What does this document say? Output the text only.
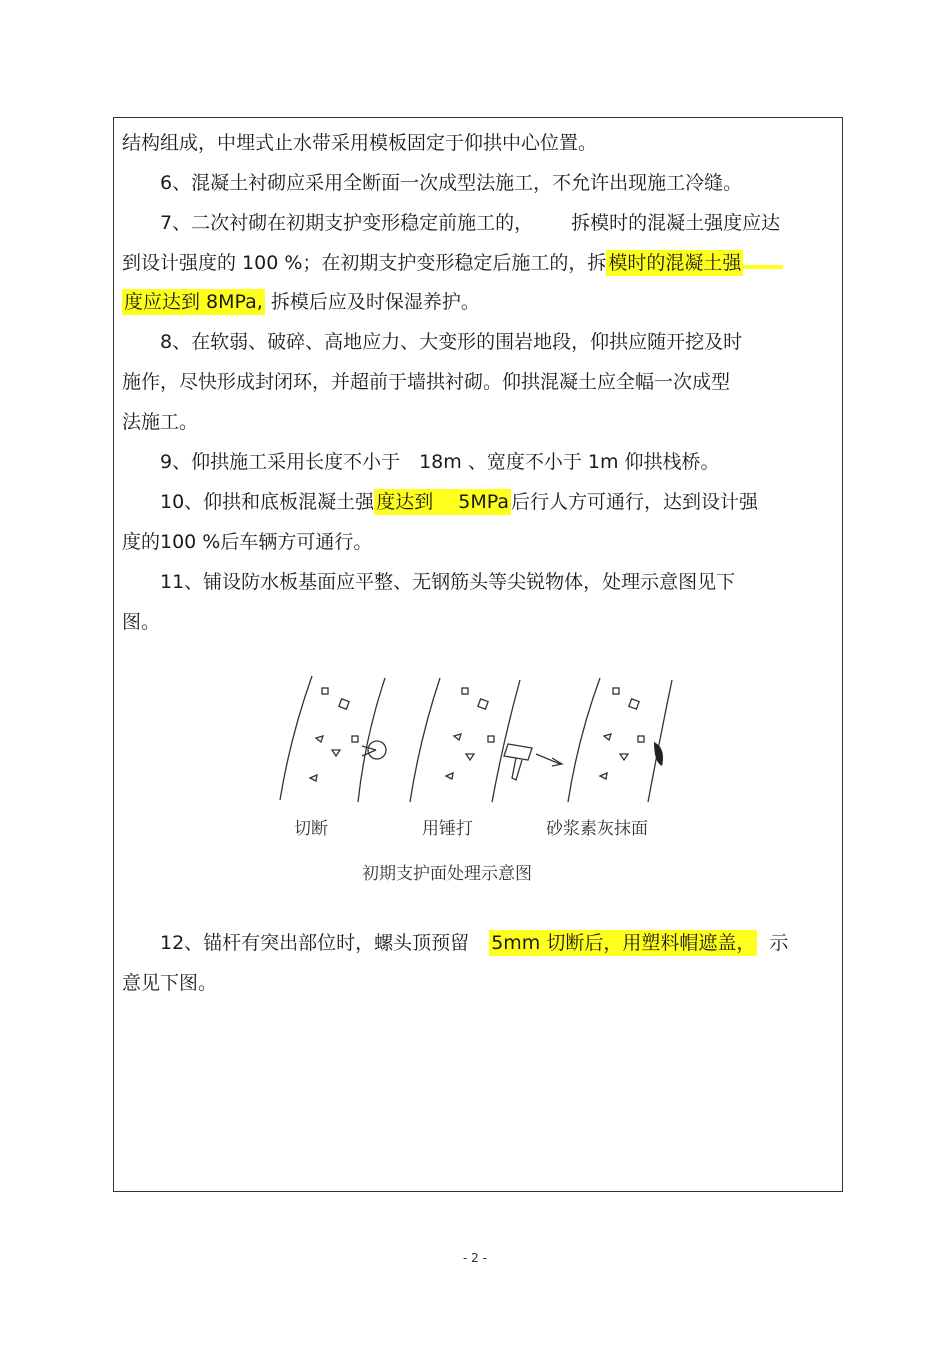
结构组成，中埋式止水带采用模板固定于仰拱中心位置。
6、混凝土衬砌应采用全断面一次成型法施工，不允许出现施工冷缝。
7、二次衬砌在初期支护变形稳定前施工的， 拆模时的混凝土强度应达
到设计强度的 100 %；在初期支护变形稳定后施工的，拆 模时的混凝土强
度应达到 8MPa, 拆模后应及时保湿养护。
8、在软弱、破碎、高地应力、大变形的围岩地段，仰拱应随开挖及时
施作，尽快形成封闭环，并超前于墙拱衬砌。仰拱混凝土应全幅一次成型
法施工。
9、仰拱施工采用长度不小于　18m 、宽度不小于 1m 仰拱栈桥。
10、仰拱和底板混凝土强 度达到　 5MPa 后行人方可通行，达到设计强
度的100 %后车辆方可通行。
11、铺设防水板基面应平整、无钢筋头等尖锐物体，处理示意图见下
图。
切断	用锤打	砂浆素灰抹面
初期支护面处理示意图
12、锚杆有突出部位时，螺头顶预留 5mm 切断后，用塑料帽遮盖， 示
意见下图。
- 2 -
